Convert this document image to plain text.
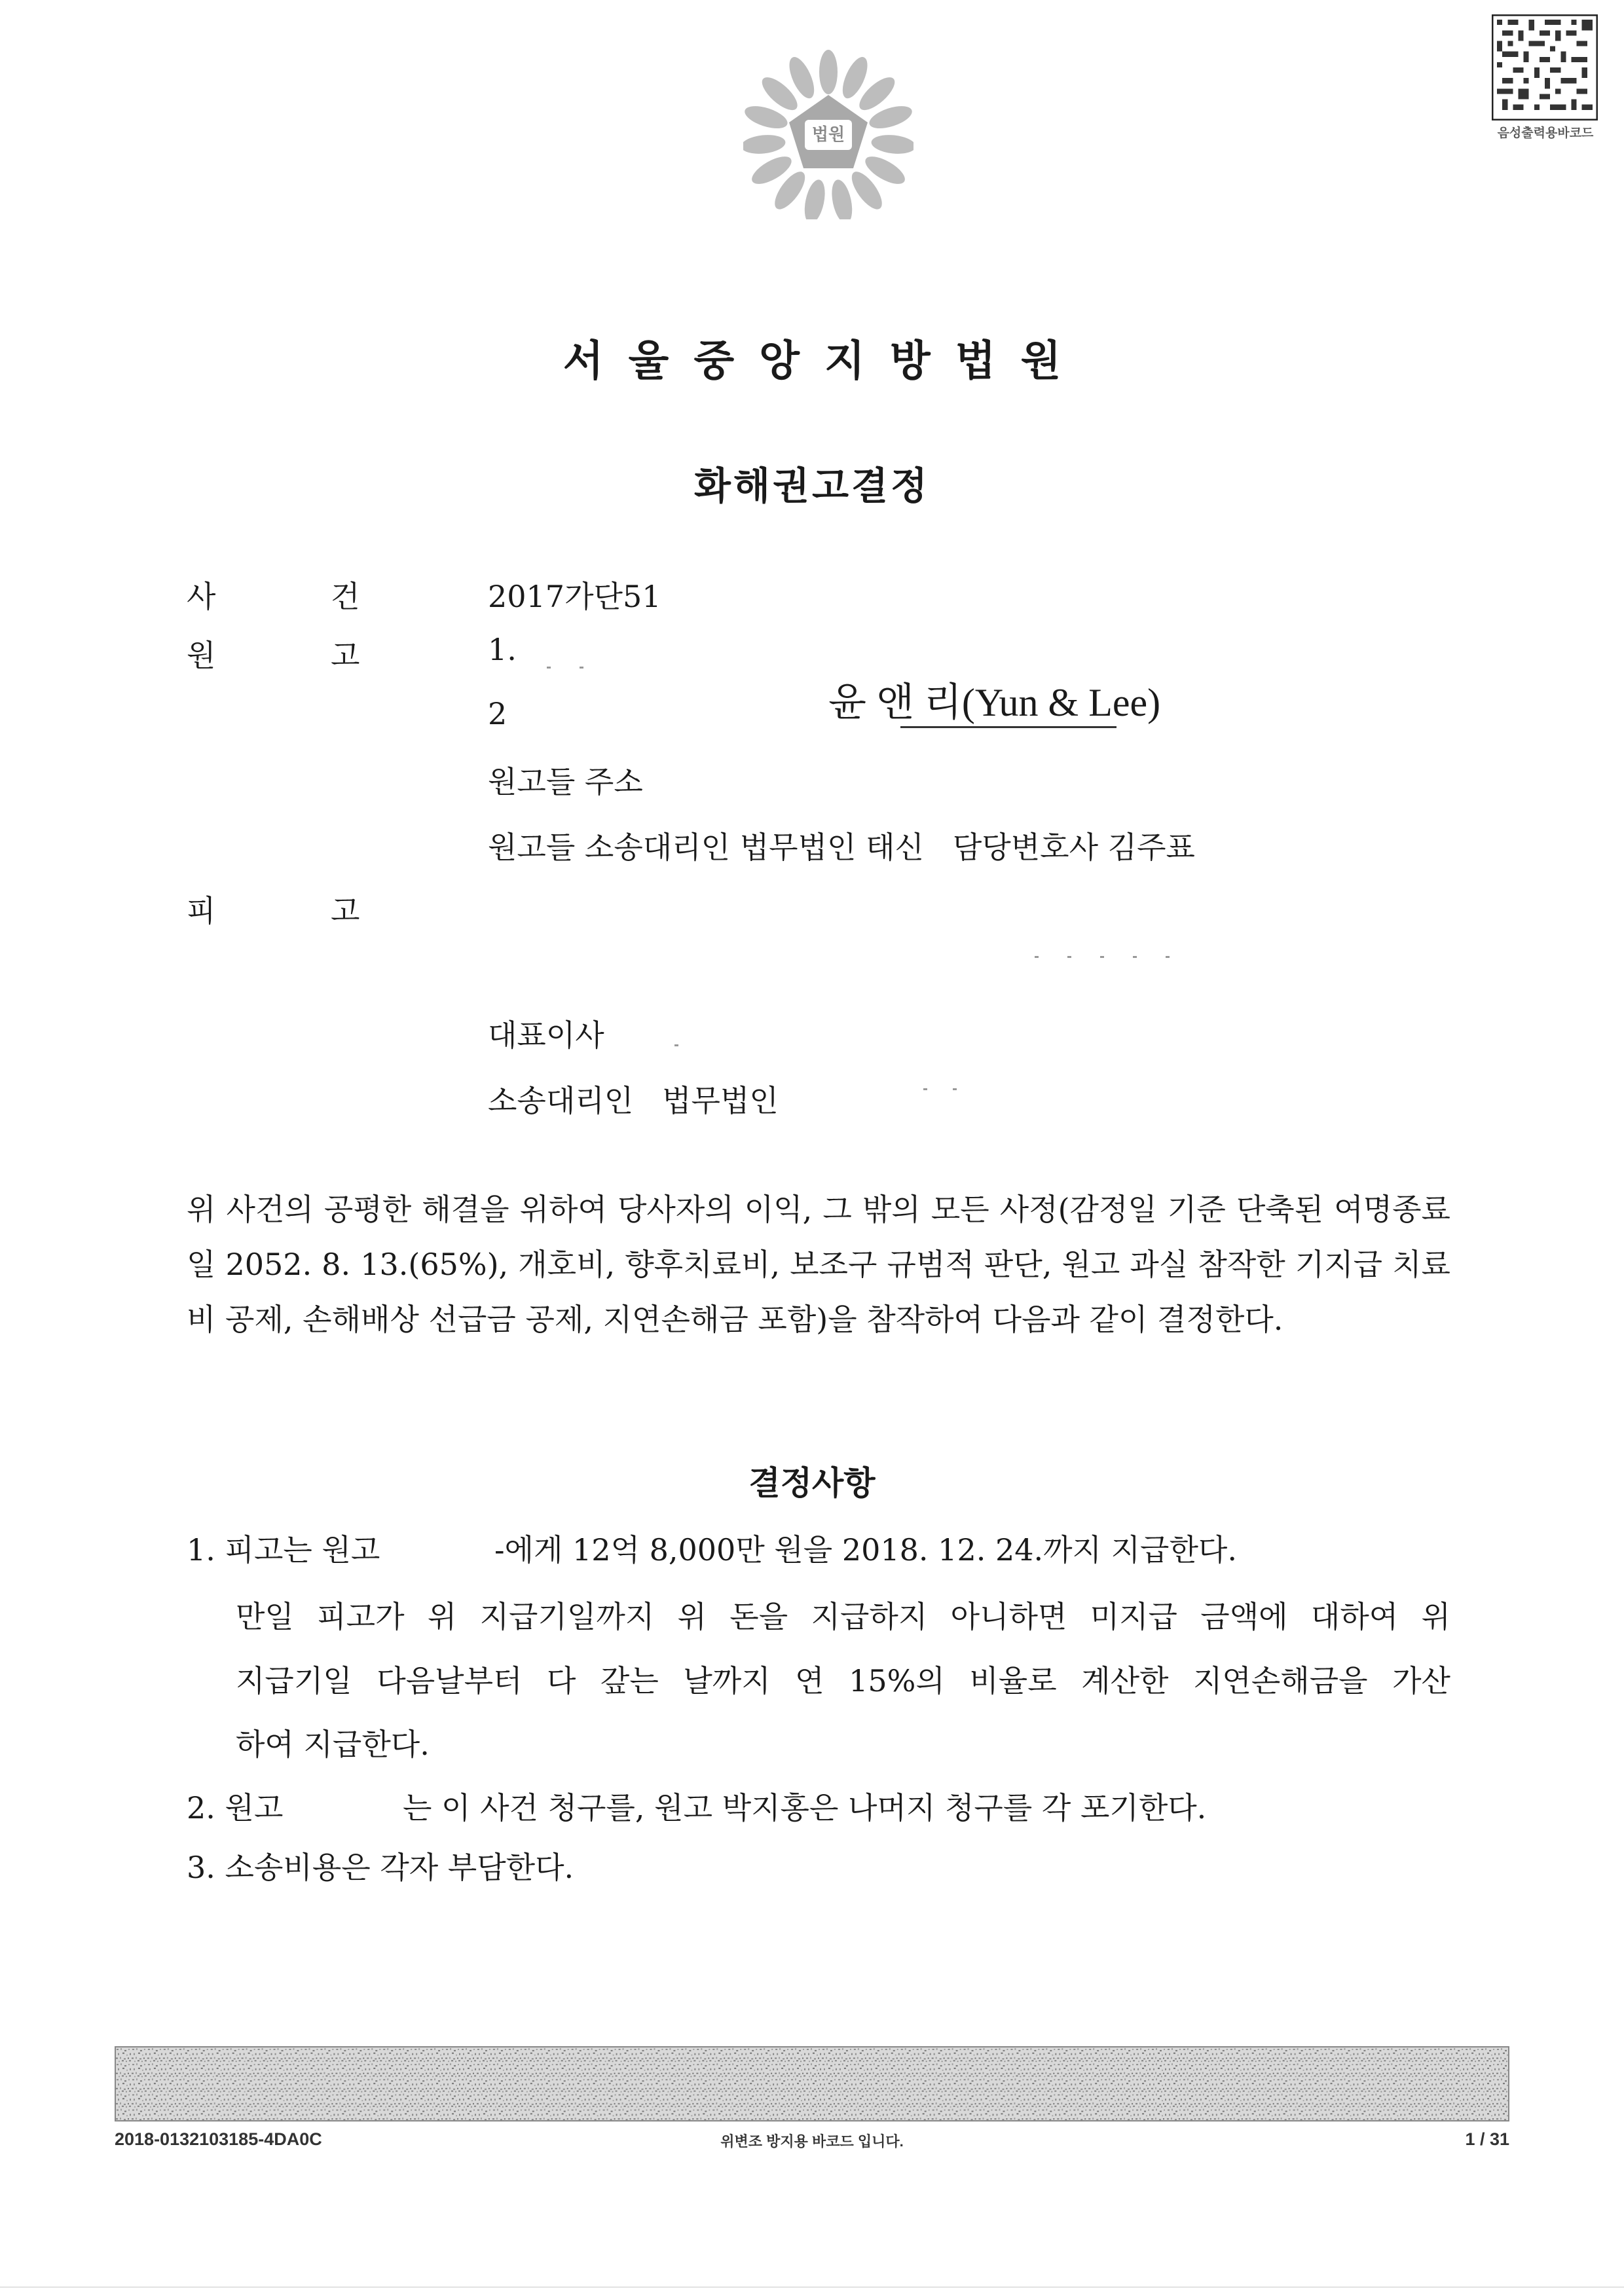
법원	음성출력용바코드
서울중앙지방법원
화해권고결정
사	건	2017가단51
원	고	1.
2
원고들 주소
원고들 소송대리인 법무법인 태신   담당변호사 김주표
피	고
대표이사
소송대리인   법무법인
윤 앤 리(Yun & Lee)
위 사건의 공평한 해결을 위하여 당사자의 이익, 그 밖의 모든 사정(감정일 기준 단축된 여명종료일 2052. 8. 13.(65%), 개호비, 향후치료비, 보조구 규범적 판단, 원고 과실 참작한 기지급 치료비 공제, 손해배상 선급금 공제, 지연손해금 포함)을 참작하여 다음과 같이 결정한다.
결정사항
1. 피고는 원고	-에게 12억 8,000만 원을 2018. 12. 24.까지 지급한다.
만일 피고가 위 지급기일까지 위 돈을 지급하지 아니하면 미지급 금액에 대하여 위
지급기일 다음날부터 다 갚는 날까지 연 15%의 비율로 계산한 지연손해금을 가산
하여 지급한다.
2. 원고	는 이 사건 청구를, 원고 박지홍은 나머지 청구를 각 포기한다.
3. 소송비용은 각자 부담한다.
2018-0132103185-4DA0C	위변조 방지용 바코드 입니다.	1 / 31
